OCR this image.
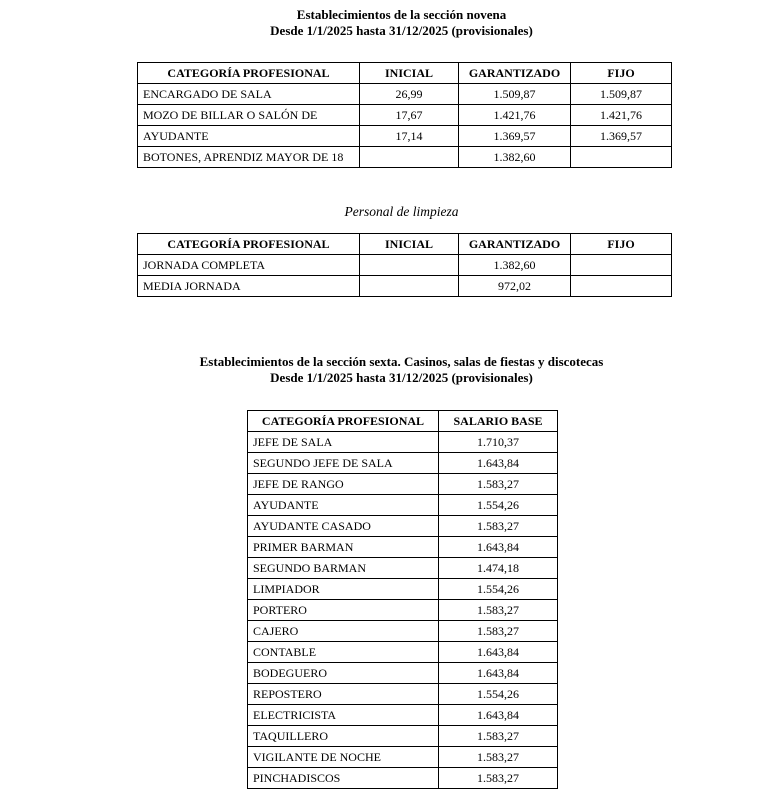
Establecimientos de la sección novena
Desde 1/1/2025 hasta 31/12/2025 (provisionales)
CATEGORÍA PROFESIONAL	INICIAL	GARANTIZADO	FIJO
ENCARGADO DE SALA	26,99	1.509,87	1.509,87
MOZO DE BILLAR O SALÓN DE	17,67	1.421,76	1.421,76
AYUDANTE	17,14	1.369,57	1.369,57
BOTONES, APRENDIZ MAYOR DE 18		1.382,60	
Personal de limpieza
CATEGORÍA PROFESIONAL	INICIAL	GARANTIZADO	FIJO
JORNADA COMPLETA		1.382,60	
MEDIA JORNADA		972,02	
Establecimientos de la sección sexta. Casinos, salas de fiestas y discotecas
Desde 1/1/2025 hasta 31/12/2025 (provisionales)
CATEGORÍA PROFESIONAL	SALARIO BASE
JEFE DE SALA	1.710,37
SEGUNDO JEFE DE SALA	1.643,84
JEFE DE RANGO	1.583,27
AYUDANTE	1.554,26
AYUDANTE CASADO	1.583,27
PRIMER BARMAN	1.643,84
SEGUNDO BARMAN	1.474,18
LIMPIADOR	1.554,26
PORTERO	1.583,27
CAJERO	1.583,27
CONTABLE	1.643,84
BODEGUERO	1.643,84
REPOSTERO	1.554,26
ELECTRICISTA	1.643,84
TAQUILLERO	1.583,27
VIGILANTE DE NOCHE	1.583,27
PINCHADISCOS	1.583,27
